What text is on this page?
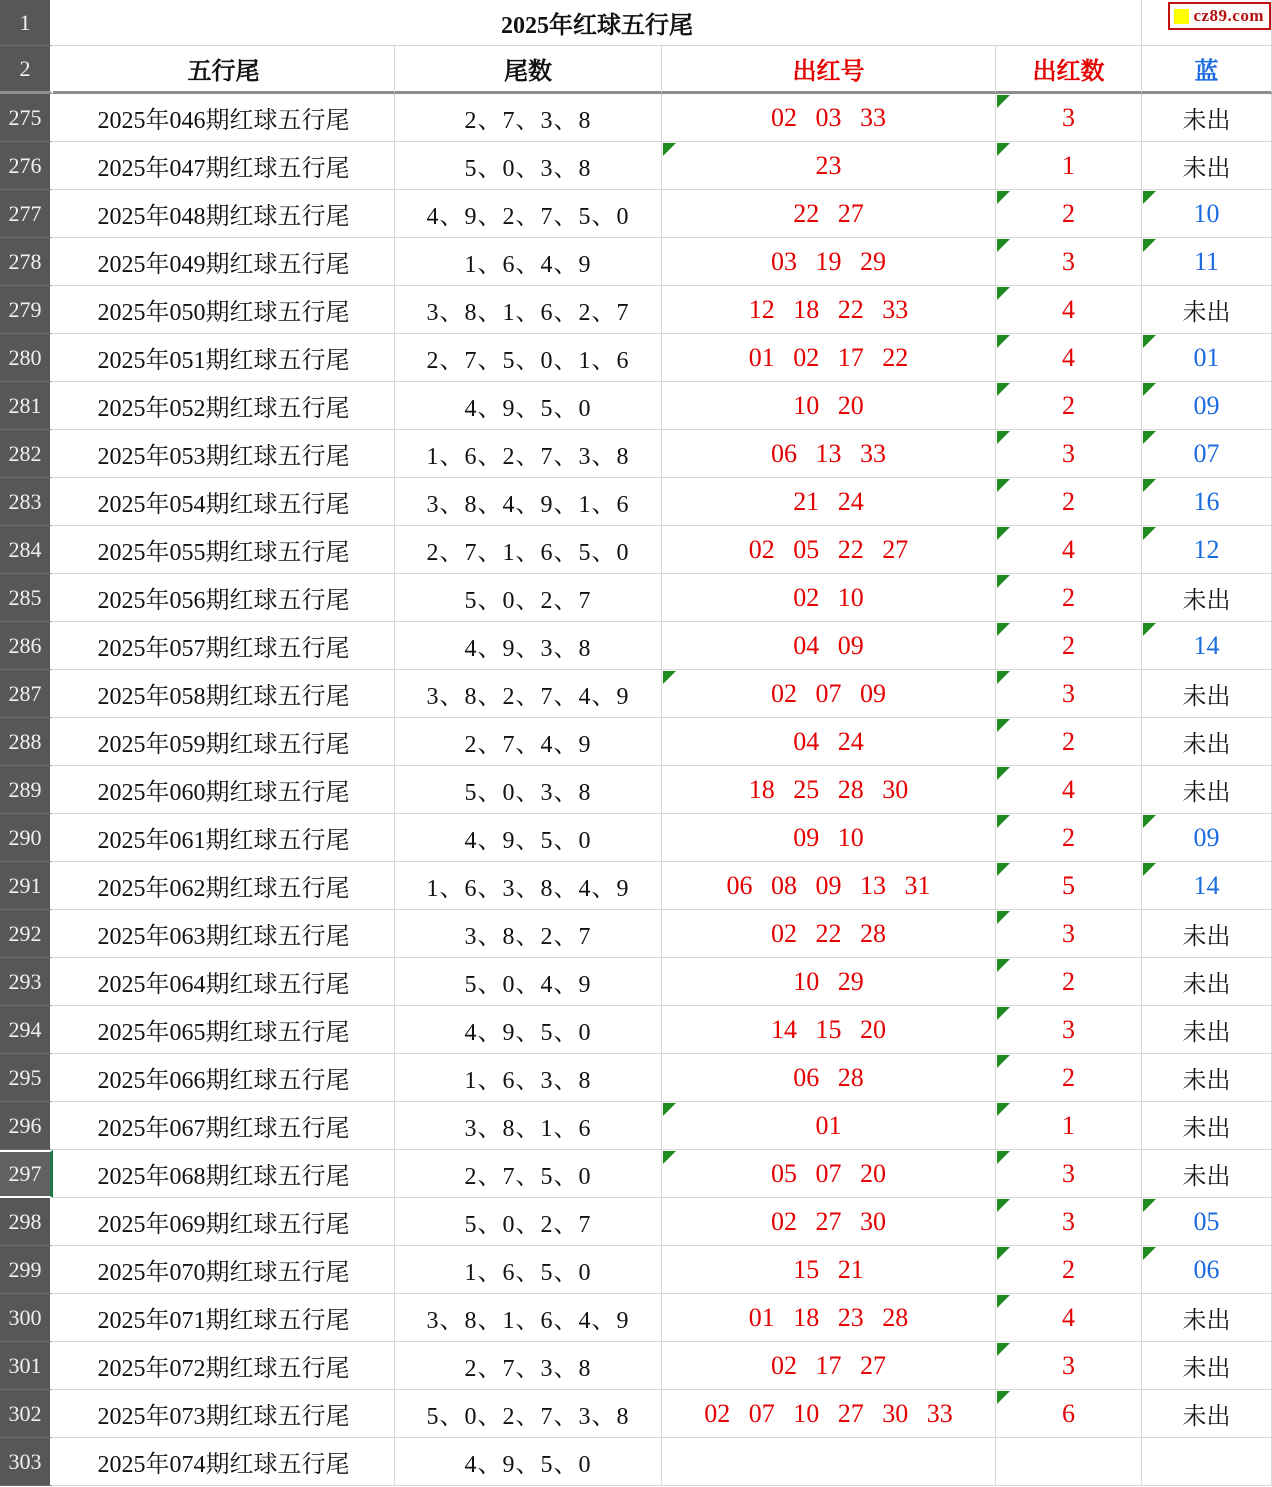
1	2025年红球五行尾	cz89.com
2	五行尾	尾数	出红号	出红数	蓝
275	2025年046期红球五行尾	2、7、3、8	02 03 33	3	未出
276	2025年047期红球五行尾	5、0、3、8	23	1	未出
277	2025年048期红球五行尾	4、9、2、7、5、0	22 27	2	10
278	2025年049期红球五行尾	1、6、4、9	03 19 29	3	11
279	2025年050期红球五行尾	3、8、1、6、2、7	12 18 22 33	4	未出
280	2025年051期红球五行尾	2、7、5、0、1、6	01 02 17 22	4	01
281	2025年052期红球五行尾	4、9、5、0	10 20	2	09
282	2025年053期红球五行尾	1、6、2、7、3、8	06 13 33	3	07
283	2025年054期红球五行尾	3、8、4、9、1、6	21 24	2	16
284	2025年055期红球五行尾	2、7、1、6、5、0	02 05 22 27	4	12
285	2025年056期红球五行尾	5、0、2、7	02 10	2	未出
286	2025年057期红球五行尾	4、9、3、8	04 09	2	14
287	2025年058期红球五行尾	3、8、2、7、4、9	02 07 09	3	未出
288	2025年059期红球五行尾	2、7、4、9	04 24	2	未出
289	2025年060期红球五行尾	5、0、3、8	18 25 28 30	4	未出
290	2025年061期红球五行尾	4、9、5、0	09 10	2	09
291	2025年062期红球五行尾	1、6、3、8、4、9	06 08 09 13 31	5	14
292	2025年063期红球五行尾	3、8、2、7	02 22 28	3	未出
293	2025年064期红球五行尾	5、0、4、9	10 29	2	未出
294	2025年065期红球五行尾	4、9、5、0	14 15 20	3	未出
295	2025年066期红球五行尾	1、6、3、8	06 28	2	未出
296	2025年067期红球五行尾	3、8、1、6	01	1	未出
297	2025年068期红球五行尾	2、7、5、0	05 07 20	3	未出
298	2025年069期红球五行尾	5、0、2、7	02 27 30	3	05
299	2025年070期红球五行尾	1、6、5、0	15 21	2	06
300	2025年071期红球五行尾	3、8、1、6、4、9	01 18 23 28	4	未出
301	2025年072期红球五行尾	2、7、3、8	02 17 27	3	未出
302	2025年073期红球五行尾	5、0、2、7、3、8	02 07 10 27 30 33	6	未出
303	2025年074期红球五行尾	4、9、5、0
